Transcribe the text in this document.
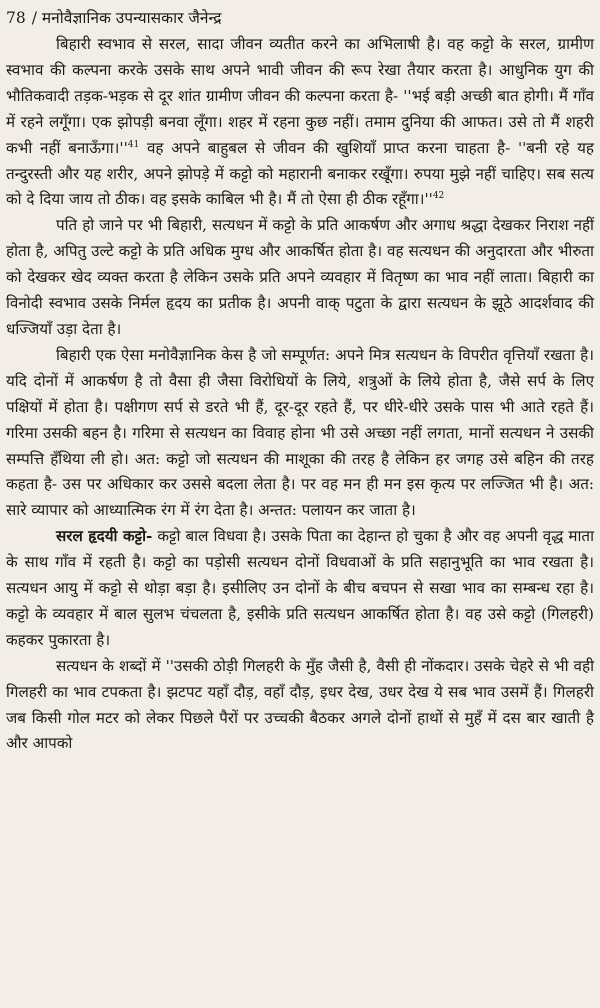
78 / मनोवैज्ञानिक उपन्यासकार जैनेन्द्र

बिहारी स्वभाव से सरल, सादा जीवन व्यतीत करने का अभिलाषी है। वह कट्टो के सरल, ग्रामीण स्वभाव की कल्पना करके उसके साथ अपने भावी जीवन की रूप रेखा तैयार करता है। आधुनिक युग की भौतिकवादी तड़क-भड़क से दूर शांत ग्रामीण जीवन की कल्पना करता है- ''भई बड़ी अच्छी बात होगी। मैं गाँव में रहने लगूँगा। एक झोपड़ी बनवा लूँगा। शहर में रहना कुछ नहीं। तमाम दुनिया की आफत। उसे तो मैं शहरी कभी नहीं $बनाऊँगा।''^{41}$ वह अपने बाहुबल से जीवन की खुशियाँ प्राप्त करना चाहता है- ''बनी रहे यह तन्दुरस्ती और यह शरीर, अपने झोपड़े में कट्टो को महारानी बनाकर रखूँगा। रुपया मुझे नहीं चाहिए। सब सत्य को दे दिया जाय तो ठीक। वह इसके काबिल भी है। मैं तो ऐसा ही ठीक $रहूँगा।''^{42}$

पति हो जाने पर भी बिहारी, सत्यधन में कट्टो के प्रति आकर्षण और अगाध श्रद्धा देखकर निराश नहीं होता है, अपितु उल्टे कट्टो के प्रति अधिक मुग्ध और आकर्षित होता है। वह सत्यधन की अनुदारता और भीरुता को देखकर खेद व्यक्त करता है लेकिन उसके प्रति अपने व्यवहार में वितृष्ण का भाव नहीं लाता। बिहारी का विनोदी स्वभाव उसके निर्मल हृदय का प्रतीक है। अपनी वाक् पटुता के द्वारा सत्यधन के झूठे आदर्शवाद की धज्जियाँ उड़ा देता है।

बिहारी एक ऐसा मनोवैज्ञानिक केस है जो सम्पूर्णत: अपने मित्र सत्यधन के विपरीत वृत्तियाँ रखता है। यदि दोनों में आकर्षण है तो वैसा ही जैसा विरोधियों के लिये, शत्रुओं के लिये होता है, जैसे सर्प के लिए पक्षियों में होता है। पक्षीगण सर्प से डरते भी हैं, दूर-दूर रहते हैं, पर धीरे-धीरे उसके पास भी आते रहते हैं। गरिमा उसकी बहन है। गरिमा से सत्यधन का विवाह होना भी उसे अच्छा नहीं लगता, मानों सत्यधन ने उसकी सम्पत्ति हँथिया ली हो। अत: कट्टो जो सत्यधन की माशूका की तरह है लेकिन हर जगह उसे बहिन की तरह कहता है- उस पर अधिकार कर उससे बदला लेता है। पर वह मन ही मन इस कृत्य पर लज्जित भी है। अत: सारे व्यापार को आध्यात्मिक रंग में रंग देता है। अन्तत: पलायन कर जाता है।

सरल हृदयी कट्टो- कट्टो बाल विधवा है। उसके पिता का देहान्त हो चुका है और वह अपनी वृद्ध माता के साथ गाँव में रहती है। कट्टो का पड़ोसी सत्यधन दोनों विधवाओं के प्रति सहानुभूति का भाव रखता है। सत्यधन आयु में कट्टो से थोड़ा बड़ा है। इसीलिए उन दोनों के बीच बचपन से सखा भाव का सम्बन्ध रहा है। कट्टो के व्यवहार में बाल सुलभ चंचलता है, इसीके प्रति सत्यधन आकर्षित होता है। वह उसे कट्टो (गिलहरी) कहकर पुकारता है।

सत्यधन के शब्दों में ''उसकी ठोड़ी गिलहरी के मुँह जैसी है, वैसी ही नोंकदार। उसके चेहरे से भी वही गिलहरी का भाव टपकता है। झटपट यहाँ दौड़, वहाँ दौड़, इधर देख, उधर देख ये सब भाव उसमें हैं। गिलहरी जब किसी गोल मटर को लेकर पिछले पैरों पर उच्चकी बैठकर अगले दोनों हाथों से मुहँ में दस बार खाती है और आपको
